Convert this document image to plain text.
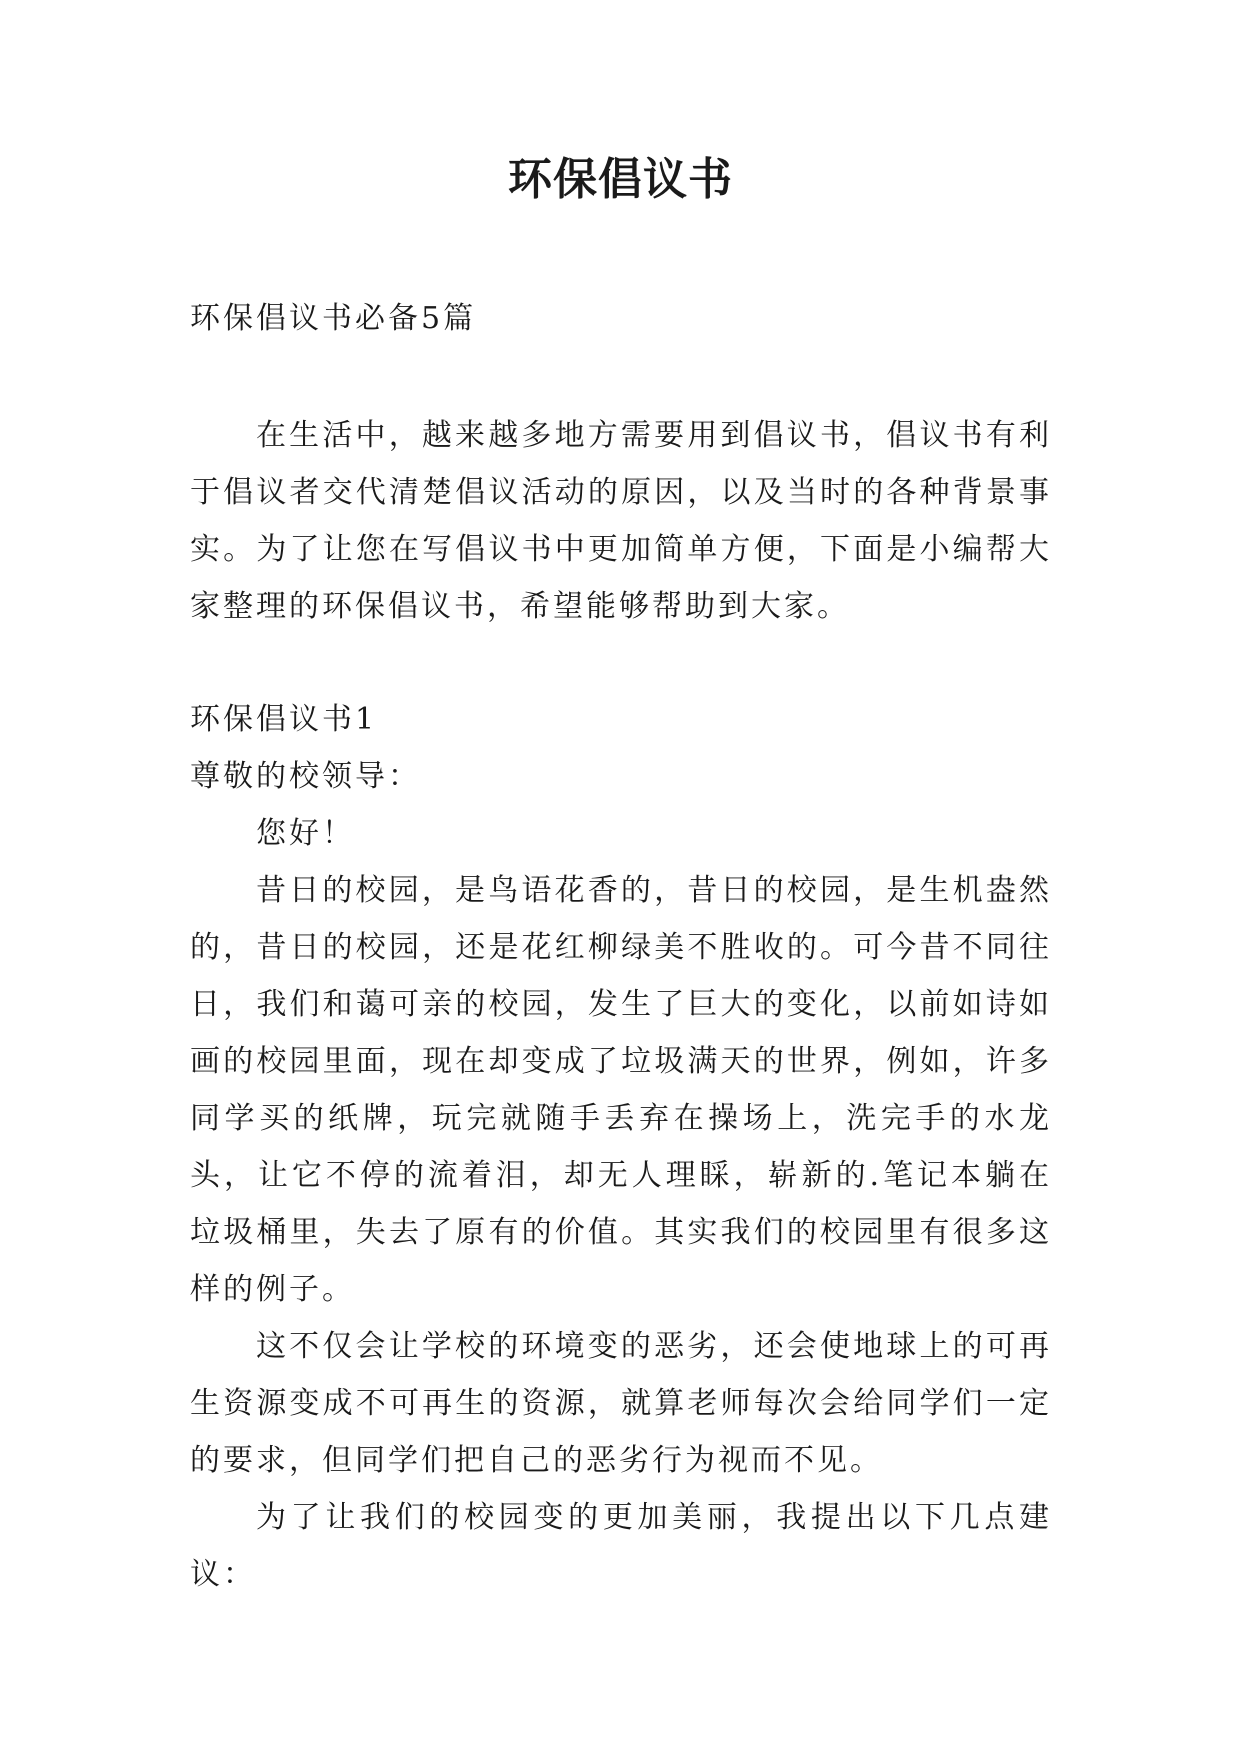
环保倡议书

环保倡议书必备5篇

在生活中，越来越多地方需要用到倡议书，倡议书有利于倡议者交代清楚倡议活动的原因，以及当时的各种背景事实。为了让您在写倡议书中更加简单方便，下面是小编帮大家整理的环保倡议书，希望能够帮助到大家。

环保倡议书1

尊敬的校领导：

您好！

昔日的校园，是鸟语花香的，昔日的校园，是生机盎然的，昔日的校园，还是花红柳绿美不胜收的。可今昔不同往日，我们和蔼可亲的校园，发生了巨大的变化，以前如诗如画的校园里面，现在却变成了垃圾满天的世界，例如，许多同学买的纸牌，玩完就随手丢弃在操场上，洗完手的水龙头，让它不停的流着泪，却无人理睬，崭新的.笔记本躺在垃圾桶里，失去了原有的价值。其实我们的校园里有很多这样的例子。

这不仅会让学校的环境变的恶劣，还会使地球上的可再生资源变成不可再生的资源，就算老师每次会给同学们一定的要求，但同学们把自己的恶劣行为视而不见。

为了让我们的校园变的更加美丽，我提出以下几点建议：
